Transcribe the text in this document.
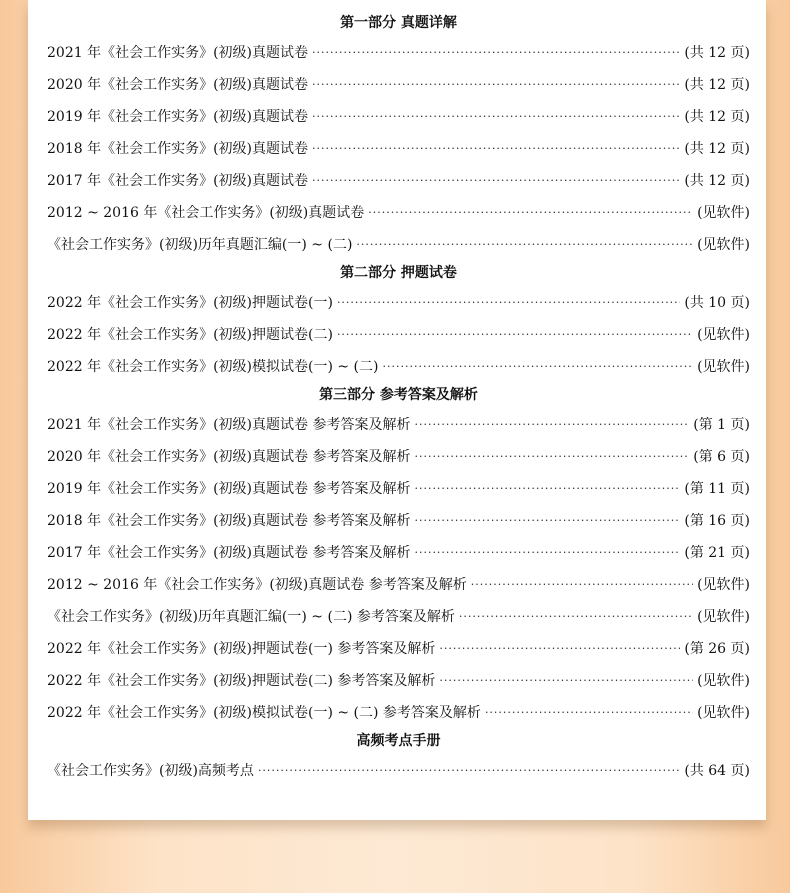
第一部分 真题详解
2021 年《社会工作实务》(初级)真题试卷 ·····	(共 12 页)
2020 年《社会工作实务》(初级)真题试卷 ·····	(共 12 页)
2019 年《社会工作实务》(初级)真题试卷 ·····	(共 12 页)
2018 年《社会工作实务》(初级)真题试卷 ·····	(共 12 页)
2017 年《社会工作实务》(初级)真题试卷 ·····	(共 12 页)
2012 ~ 2016 年《社会工作实务》(初级)真题试卷 ·····	(见软件)
《社会工作实务》(初级)历年真题汇编(一) ~ (二) ·····	(见软件)
第二部分 押题试卷
2022 年《社会工作实务》(初级)押题试卷(一) ·····	(共 10 页)
2022 年《社会工作实务》(初级)押题试卷(二) ·····	(见软件)
2022 年《社会工作实务》(初级)模拟试卷(一) ~ (二) ·····	(见软件)
第三部分 参考答案及解析
2021 年《社会工作实务》(初级)真题试卷 参考答案及解析 ·····	(第 1 页)
2020 年《社会工作实务》(初级)真题试卷 参考答案及解析 ·····	(第 6 页)
2019 年《社会工作实务》(初级)真题试卷 参考答案及解析 ·····	(第 11 页)
2018 年《社会工作实务》(初级)真题试卷 参考答案及解析 ·····	(第 16 页)
2017 年《社会工作实务》(初级)真题试卷 参考答案及解析 ·····	(第 21 页)
2012 ~ 2016 年《社会工作实务》(初级)真题试卷 参考答案及解析 ·····	(见软件)
《社会工作实务》(初级)历年真题汇编(一) ~ (二) 参考答案及解析 ·····	(见软件)
2022 年《社会工作实务》(初级)押题试卷(一) 参考答案及解析 ·····	(第 26 页)
2022 年《社会工作实务》(初级)押题试卷(二) 参考答案及解析 ·····	(见软件)
2022 年《社会工作实务》(初级)模拟试卷(一) ~ (二) 参考答案及解析 ·····	(见软件)
高频考点手册
《社会工作实务》(初级)高频考点 ·····	(共 64 页)
